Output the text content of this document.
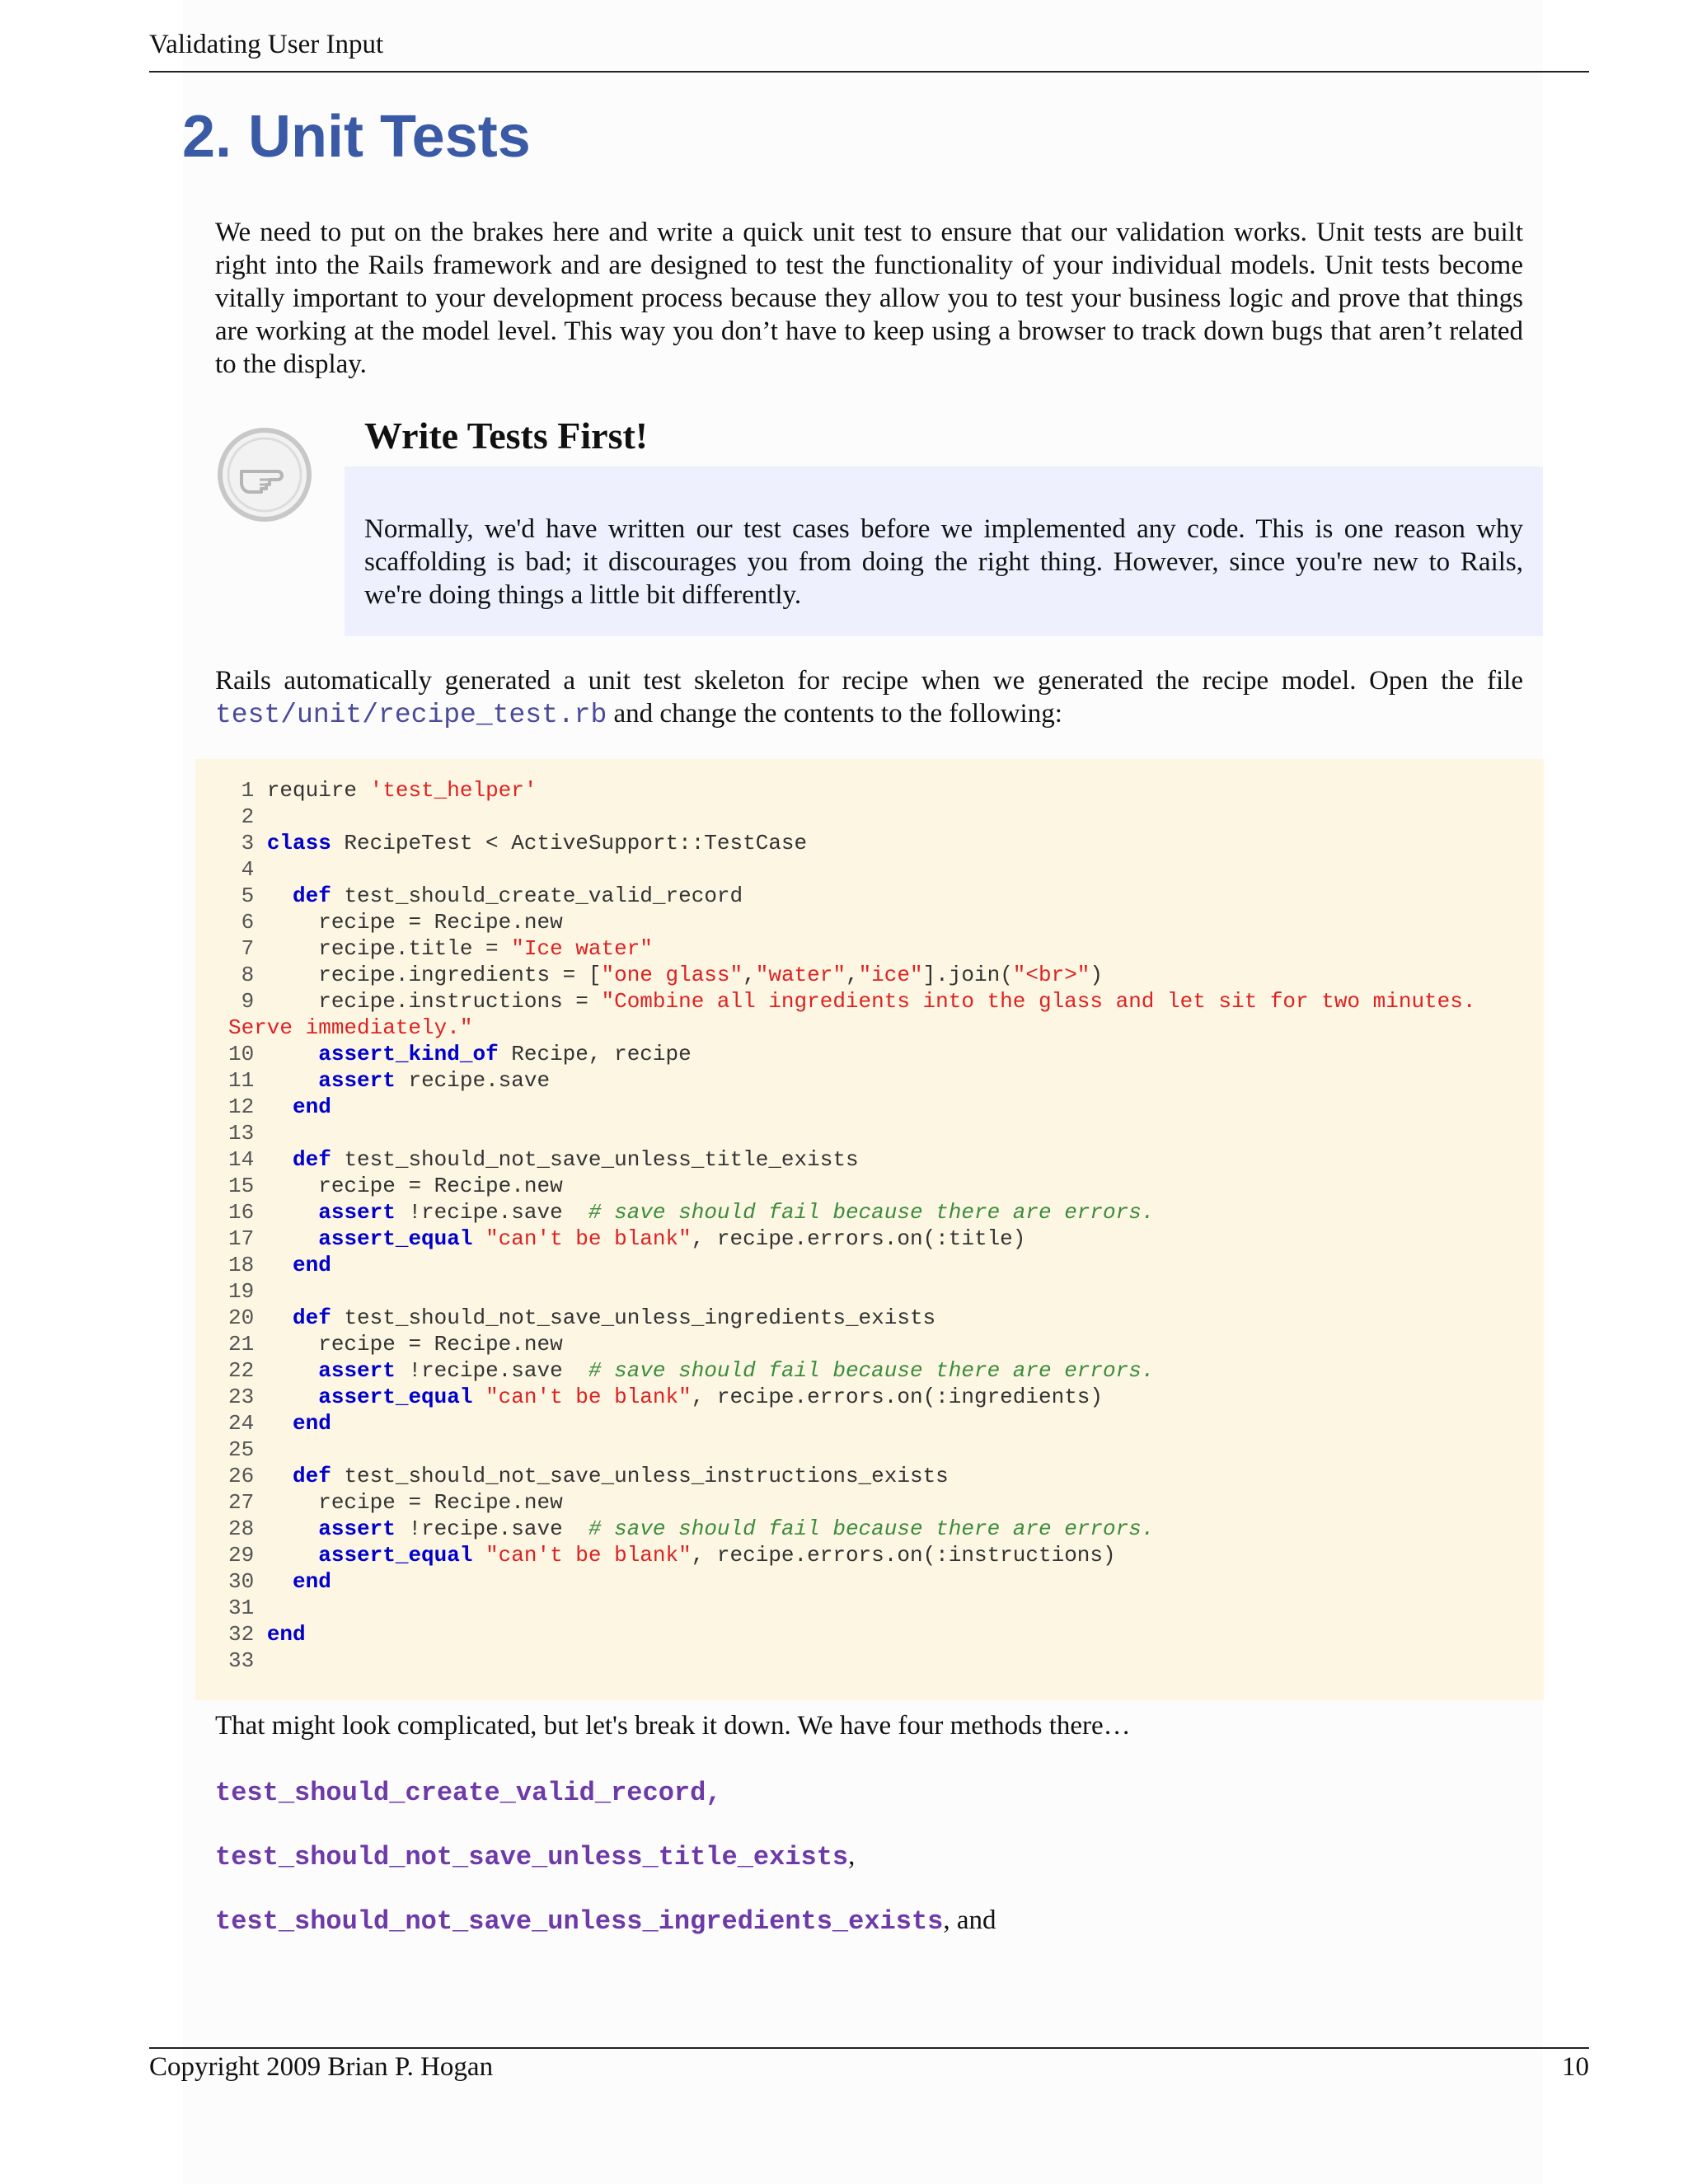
Validating User Input
2. Unit Tests

We need to put on the brakes here and write a quick unit test to ensure that our validation works. Unit tests are built right into the Rails framework and are designed to test the functionality of your individual models. Unit tests become vitally important to your development process because they allow you to test your business logic and prove that things are working at the model level. This way you don’t have to keep using a browser to track down bugs that aren’t related to the display.

Write Tests First!

Normally, we'd have written our test cases before we implemented any code. This is one reason why scaffolding is bad; it discourages you from doing the right thing. However, since you're new to Rails, we're doing things a little bit differently.

Rails automatically generated a unit test skeleton for recipe when we generated the recipe model. Open the file test/unit/recipe_test.rb and change the contents to the following:

1 require 'test_helper'
2
3 class RecipeTest < ActiveSupport::TestCase
4
5   def test_should_create_valid_record
6     recipe = Recipe.new
7     recipe.title = "Ice water"
8     recipe.ingredients = ["one glass","water","ice"].join("<br>")
9     recipe.instructions = "Combine all ingredients into the glass and let sit for two minutes.
Serve immediately."
10     assert_kind_of Recipe, recipe
11     assert recipe.save
12   end
13
14   def test_should_not_save_unless_title_exists
15     recipe = Recipe.new
16     assert !recipe.save  # save should fail because there are errors.
17     assert_equal "can't be blank", recipe.errors.on(:title)
18   end
19
20   def test_should_not_save_unless_ingredients_exists
21     recipe = Recipe.new
22     assert !recipe.save  # save should fail because there are errors.
23     assert_equal "can't be blank", recipe.errors.on(:ingredients)
24   end
25
26   def test_should_not_save_unless_instructions_exists
27     recipe = Recipe.new
28     assert !recipe.save  # save should fail because there are errors.
29     assert_equal "can't be blank", recipe.errors.on(:instructions)
30   end
31
32 end
33

That might look complicated, but let's break it down. We have four methods there…

test_should_create_valid_record,
test_should_not_save_unless_title_exists,
test_should_not_save_unless_ingredients_exists, and
Copyright 2009 Brian P. Hogan	10
